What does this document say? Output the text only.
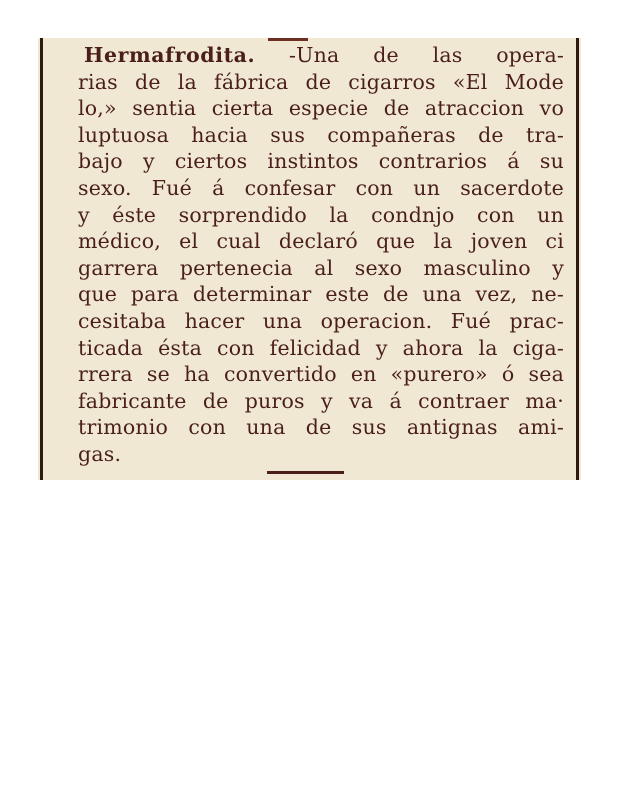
Hermafrodita. -Una de las opera-
rias de la fábrica de cigarros «El Mode
lo,» sentia cierta especie de atraccion vo
luptuosa hacia sus compañeras de tra-
bajo y ciertos instintos contrarios á su
sexo. Fué á confesar con un sacerdote
y éste sorprendido la condnjo con un
médico, el cual declaró que la joven ci
garrera pertenecia al sexo masculino y
que para determinar este de una vez, ne-
cesitaba hacer una operacion. Fué prac-
ticada ésta con felicidad y ahora la ciga-
rrera se ha convertido en «purero» ó sea
fabricante de puros y va á contraer ma·
trimonio con una de sus antignas ami-
gas.
